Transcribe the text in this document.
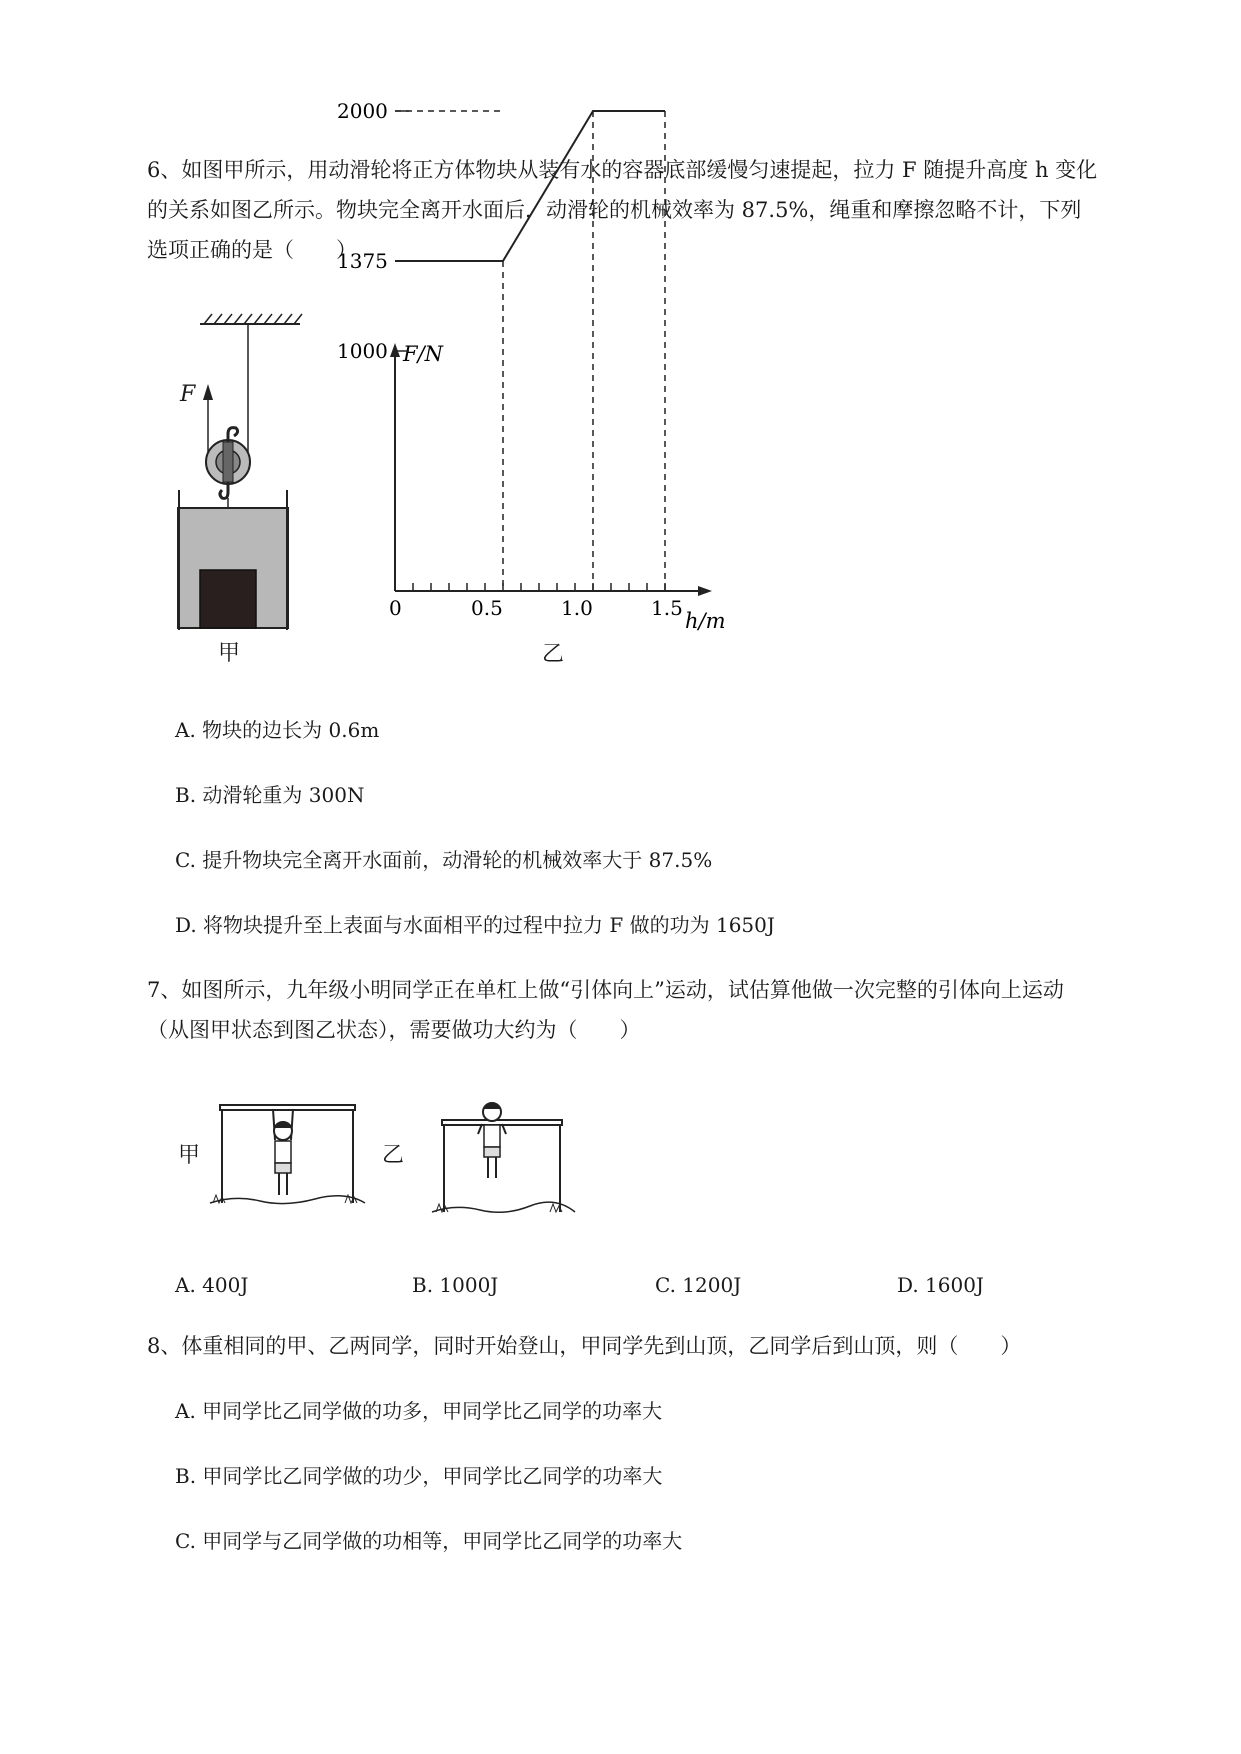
6、如图甲所示，用动滑轮将正方体物块从装有水的容器底部缓慢匀速提起，拉力 F 随提升高度 h 变化
的关系如图乙所示。物块完全离开水面后，动滑轮的机械效率为 87.5%，绳重和摩擦忽略不计，下列
选项正确的是（　　）
F
甲
F/N
h/m
0	0.5	1.0	1.5
2000
1375
1000
乙
A. 物块的边长为 0.6m
B. 动滑轮重为 300N
C. 提升物块完全离开水面前，动滑轮的机械效率大于 87.5%
D. 将物块提升至上表面与水面相平的过程中拉力 F 做的功为 1650J
7、如图所示，九年级小明同学正在单杠上做“引体向上”运动，试估算他做一次完整的引体向上运动
（从图甲状态到图乙状态），需要做功大约为（　　）
甲	乙
A. 400J	B. 1000J	C. 1200J	D. 1600J
8、体重相同的甲、乙两同学，同时开始登山，甲同学先到山顶，乙同学后到山顶，则（　　）
A. 甲同学比乙同学做的功多，甲同学比乙同学的功率大
B. 甲同学比乙同学做的功少，甲同学比乙同学的功率大
C. 甲同学与乙同学做的功相等，甲同学比乙同学的功率大
